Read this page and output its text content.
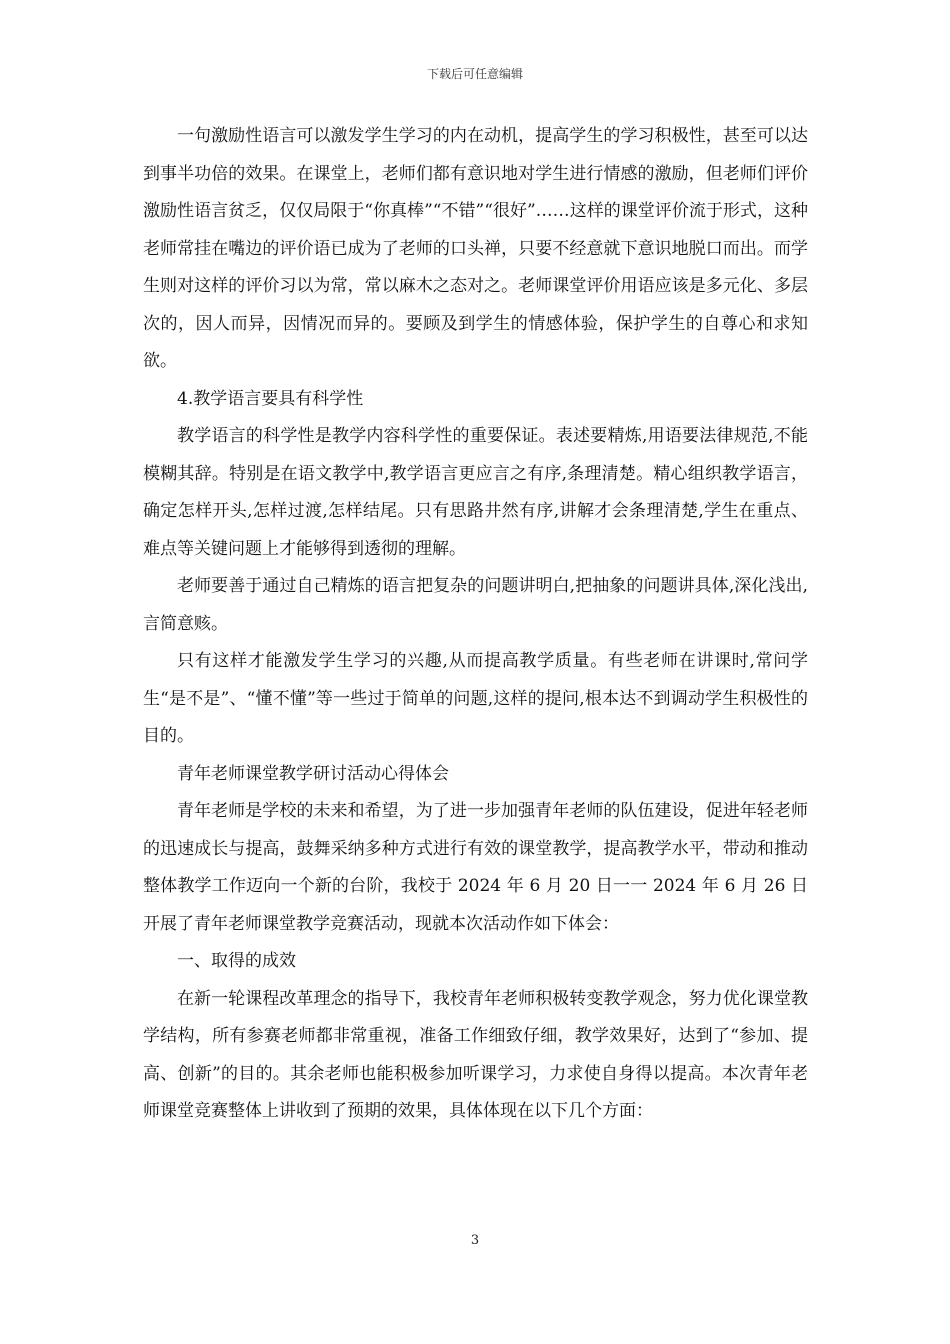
下载后可任意编辑

一句激励性语言可以激发学生学习的内在动机，提高学生的学习积极性，甚至可以达到事半功倍的效果。在课堂上，老师们都有意识地对学生进行情感的激励，但老师们评价激励性语言贫乏，仅仅局限于“你真棒”“不错”“很好”……这样的课堂评价流于形式，这种老师常挂在嘴边的评价语已成为了老师的口头禅，只要不经意就下意识地脱口而出。而学生则对这样的评价习以为常，常以麻木之态对之。老师课堂评价用语应该是多元化、多层次的，因人而异，因情况而异的。要顾及到学生的情感体验，保护学生的自尊心和求知欲。

4.教学语言要具有科学性

教学语言的科学性是教学内容科学性的重要保证。表述要精炼,用语要法律规范,不能模糊其辞。特别是在语文教学中,教学语言更应言之有序,条理清楚。精心组织教学语言，确定怎样开头,怎样过渡,怎样结尾。只有思路井然有序,讲解才会条理清楚,学生在重点、难点等关键问题上才能够得到透彻的理解。

老师要善于通过自己精炼的语言把复杂的问题讲明白,把抽象的问题讲具体,深化浅出,言简意赅。

只有这样才能激发学生学习的兴趣,从而提高教学质量。有些老师在讲课时,常问学生“是不是”、“懂不懂”等一些过于简单的问题,这样的提问,根本达不到调动学生积极性的目的。

青年老师课堂教学研讨活动心得体会

青年老师是学校的未来和希望，为了进一步加强青年老师的队伍建设，促进年轻老师的迅速成长与提高，鼓舞采纳多种方式进行有效的课堂教学，提高教学水平，带动和推动整体教学工作迈向一个新的台阶，我校于 2024 年 6 月 20 日一一 2024 年 6 月 26 日开展了青年老师课堂教学竞赛活动，现就本次活动作如下体会：

一、取得的成效

在新一轮课程改革理念的指导下，我校青年老师积极转变教学观念，努力优化课堂教学结构，所有参赛老师都非常重视，准备工作细致仔细，教学效果好，达到了“参加、提高、创新”的目的。其余老师也能积极参加听课学习，力求使自身得以提高。本次青年老师课堂竞赛整体上讲收到了预期的效果，具体体现在以下几个方面：

3
